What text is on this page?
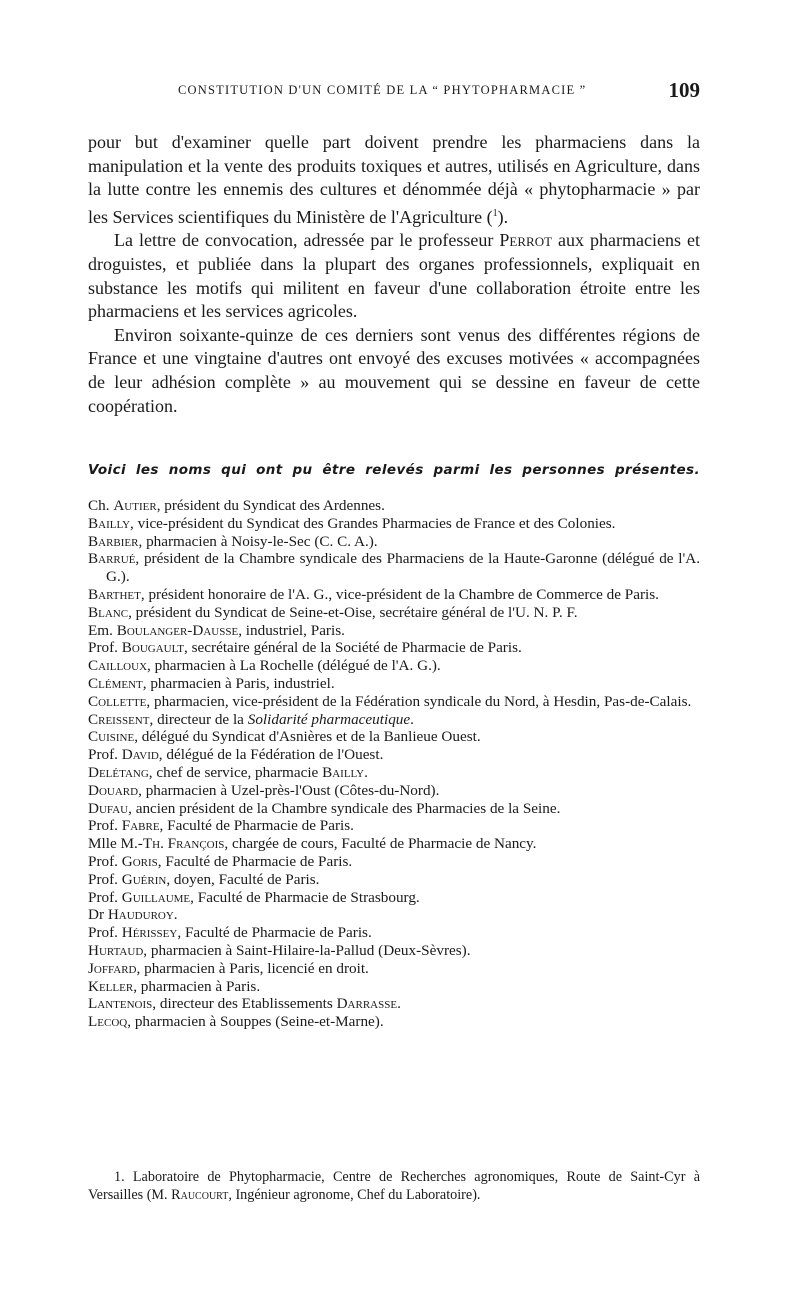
CONSTITUTION D'UN COMITÉ DE LA “ PHYTOPHARMACIE ”	109

pour but d'examiner quelle part doivent prendre les pharmaciens dans la manipulation et la vente des produits toxiques et autres, utilisés en Agriculture, dans la lutte contre les ennemis des cultures et dénommée déjà « phytopharmacie » par les Services scientifiques du Ministère de l'Agriculture ($^1$).

La lettre de convocation, adressée par le professeur Perrot aux pharmaciens et droguistes, et publiée dans la plupart des organes professionnels, expliquait en substance les motifs qui militent en faveur d'une collaboration étroite entre les pharmaciens et les services agricoles.

Environ soixante-quinze de ces derniers sont venus des différentes régions de France et une vingtaine d'autres ont envoyé des excuses motivées « accompagnées de leur adhésion complète » au mouvement qui se dessine en faveur de cette coopération.

Voici les noms qui ont pu être relevés parmi les personnes présentes.
Ch. Autier, président du Syndicat des Ardennes.
Bailly, vice-président du Syndicat des Grandes Pharmacies de France et des Colonies.
Barbier, pharmacien à Noisy-le-Sec (C. C. A.).
Barrué, président de la Chambre syndicale des Pharmaciens de la Haute-Garonne (délégué de l'A. G.).
Barthet, président honoraire de l'A. G., vice-président de la Chambre de Commerce de Paris.
Blanc, président du Syndicat de Seine-et-Oise, secrétaire général de l'U. N. P. F.
Em. Boulanger-Dausse, industriel, Paris.
Prof. Bougault, secrétaire général de la Société de Pharmacie de Paris.
Cailloux, pharmacien à La Rochelle (délégué de l'A. G.).
Clément, pharmacien à Paris, industriel.
Collette, pharmacien, vice-président de la Fédération syndicale du Nord, à Hesdin, Pas-de-Calais.
Creissent, directeur de la Solidarité pharmaceutique.
Cuisine, délégué du Syndicat d'Asnières et de la Banlieue Ouest.
Prof. David, délégué de la Fédération de l'Ouest.
Delétang, chef de service, pharmacie Bailly.
Douard, pharmacien à Uzel-près-l'Oust (Côtes-du-Nord).
Dufau, ancien président de la Chambre syndicale des Pharmacies de la Seine.
Prof. Fabre, Faculté de Pharmacie de Paris.
Mlle M.-Th. François, chargée de cours, Faculté de Pharmacie de Nancy.
Prof. Goris, Faculté de Pharmacie de Paris.
Prof. Guérin, doyen, Faculté de Paris.
Prof. Guillaume, Faculté de Pharmacie de Strasbourg.
Dr Hauduroy.
Prof. Hérissey, Faculté de Pharmacie de Paris.
Hurtaud, pharmacien à Saint-Hilaire-la-Pallud (Deux-Sèvres).
Joffard, pharmacien à Paris, licencié en droit.
Keller, pharmacien à Paris.
Lantenois, directeur des Etablissements Darrasse.
Lecoq, pharmacien à Souppes (Seine-et-Marne).

1. Laboratoire de Phytopharmacie, Centre de Recherches agronomiques, Route de Saint-Cyr à Versailles (M. Raucourt, Ingénieur agronome, Chef du Laboratoire).
